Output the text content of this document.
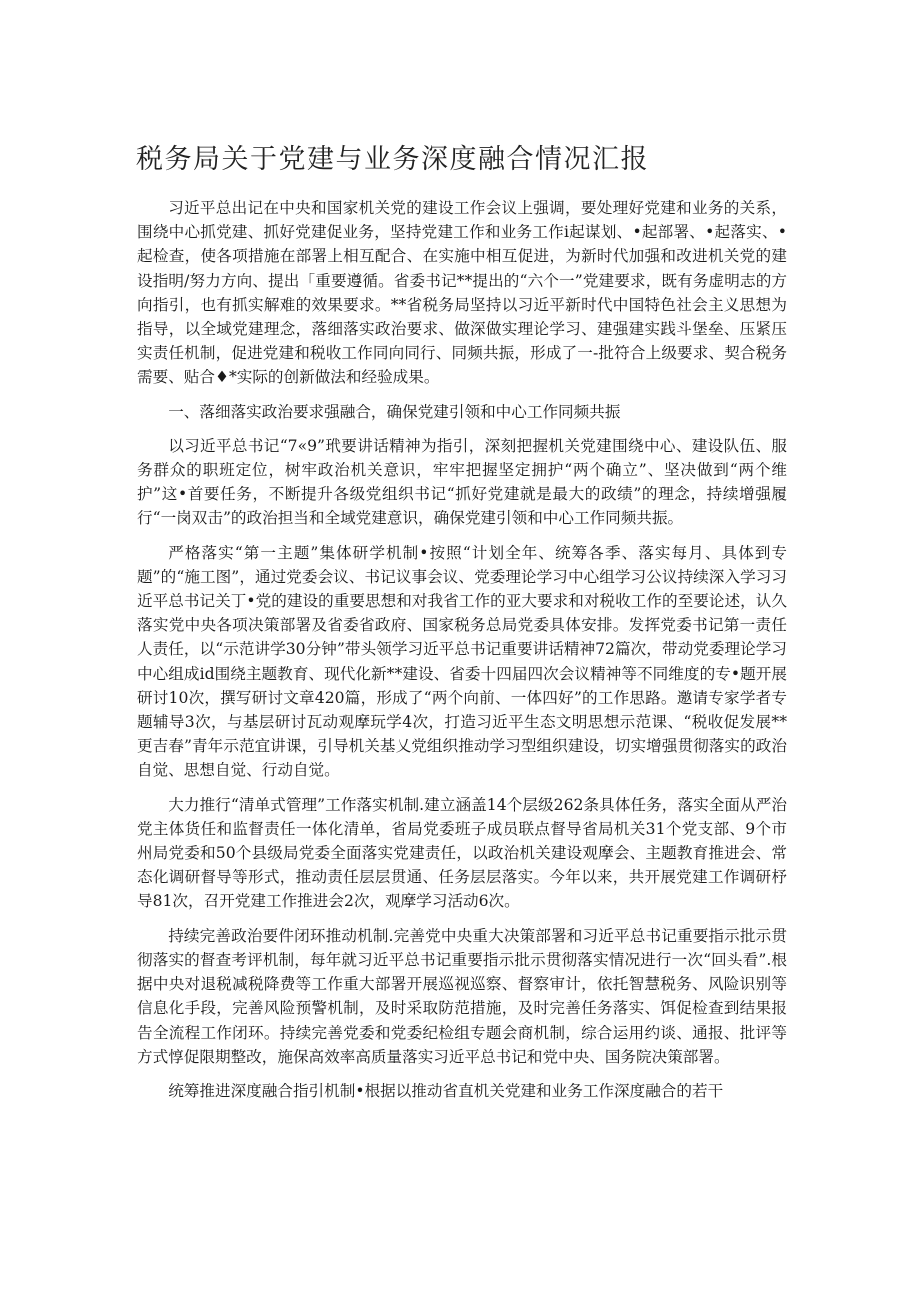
税务局关于党建与业务深度融合情况汇报

习近平总出记在中央和国家机关党的建设工作会议上强调，要处理好党建和业务的关系，围绕中心抓党建、抓好党建促业务，坚持党建工作和业务工作i起谋划、•起部署、•起落实、•起检查，使各项措施在部署上相互配合、在实施中相互促进，为新时代加强和改进机关党的建设指明/努力方向、提出「重要遵循。省委书记**提出的“六个一”党建要求，既有务虚明志的方向指引，也有抓实解难的效果要求。**省税务局坚持以习近平新时代中国特色社会主义思想为指导，以全域党建理念，落细落实政治要求、做深做实理论学习、建强建实践斗堡垒、压紧压实责任机制，促进党建和税收工作同向同行、同频共振，形成了一-批符合上级要求、契合税务需要、贴合♦*实际的创新做法和经验成果。

一、落细落实政治要求强融合，确保党建引领和中心工作同频共振

以习近平总书记“7«9”玳要讲话精神为指引，深刻把握机关党建围绕中心、建设队伍、服务群众的职班定位，树牢政治机关意识，牢牢把握坚定拥护“两个确立”、坚决做到“两个维护”这•首要任务，不断提升各级党组织书记“抓好党建就是最大的政绩”的理念，持续增强履行“一岗双击”的政治担当和全域党建意识，确保党建引领和中心工作同频共振。

严格落实“第一主题”集体研学机制•按照“计划全年、统筹各季、落实每月、具体到专题”的“施工图”，通过党委会议、书记议事会议、党委理论学习中心组学习公议持续深入学习习近平总书记关丁•党的建设的重要思想和对我省工作的亚大要求和对税收工作的至要论述，认久落实党中央各项决策部署及省委省政府、国家税务总局党委具体安排。发挥党委书记第一责任人责任，以“示范讲学30分钟”带头领学习近平总书记重要讲话精神72篇次，带动党委理论学习中心组成id围绕主题教育、现代化新**建设、省委十四届四次会议精神等不同维度的专•题开展研讨10次，撰写研讨文章420篇，形成了“两个向前、一体四好”的工作思路。邀请专家学者专题辅导3次，与基层研讨瓦动观摩玩学4次，打造习近平生态文明思想示范课、“税收促发展**更吉春”青年示范宜讲课，引导机关基乂党组织推动学习型组织建设，切实增强贯彻落实的政治自觉、思想自觉、行动自觉。

大力推行“清单式管理”工作落实机制.建立涵盖14个层级262条具体任务，落实全面从严治党主体货任和监督责任一体化清单，省局党委班子成员联点督导省局机关31个党支部、9个市州局党委和50个县级局党委全面落实党建责任，以政治机关建设观摩会、主题教育推进会、常态化调研督导等形式，推动责任层层贯通、任务层层落实。今年以来，共开展党建工作调研杼导81次，召开党建工作推进会2次，观摩学习活动6次。

持续完善政治要件闭环推动机制.完善党中央重大决策部署和习近平总书记重要指示批示贯彻落实的督查考评机制，每年就习近平总书记重要指示批示贯彻落实情况进行一次“回头看”.根据中央对退税减税降费等工作重大部署开展巡视巡察、督察审计，依托智慧税务、风险识别等信息化手段，完善风险预警机制，及时采取防范措施，及时完善任务落实、饵促检查到结果报告全流程工作闭环。持续完善党委和党委纪检组专题会商机制，综合运用约谈、通报、批评等方式惇促限期整改，施保高效率高质量落实习近平总书记和党中央、国务院决策部署。

统筹推进深度融合指引机制•根据以推动省直机关党建和业务工作深度融合的若干
